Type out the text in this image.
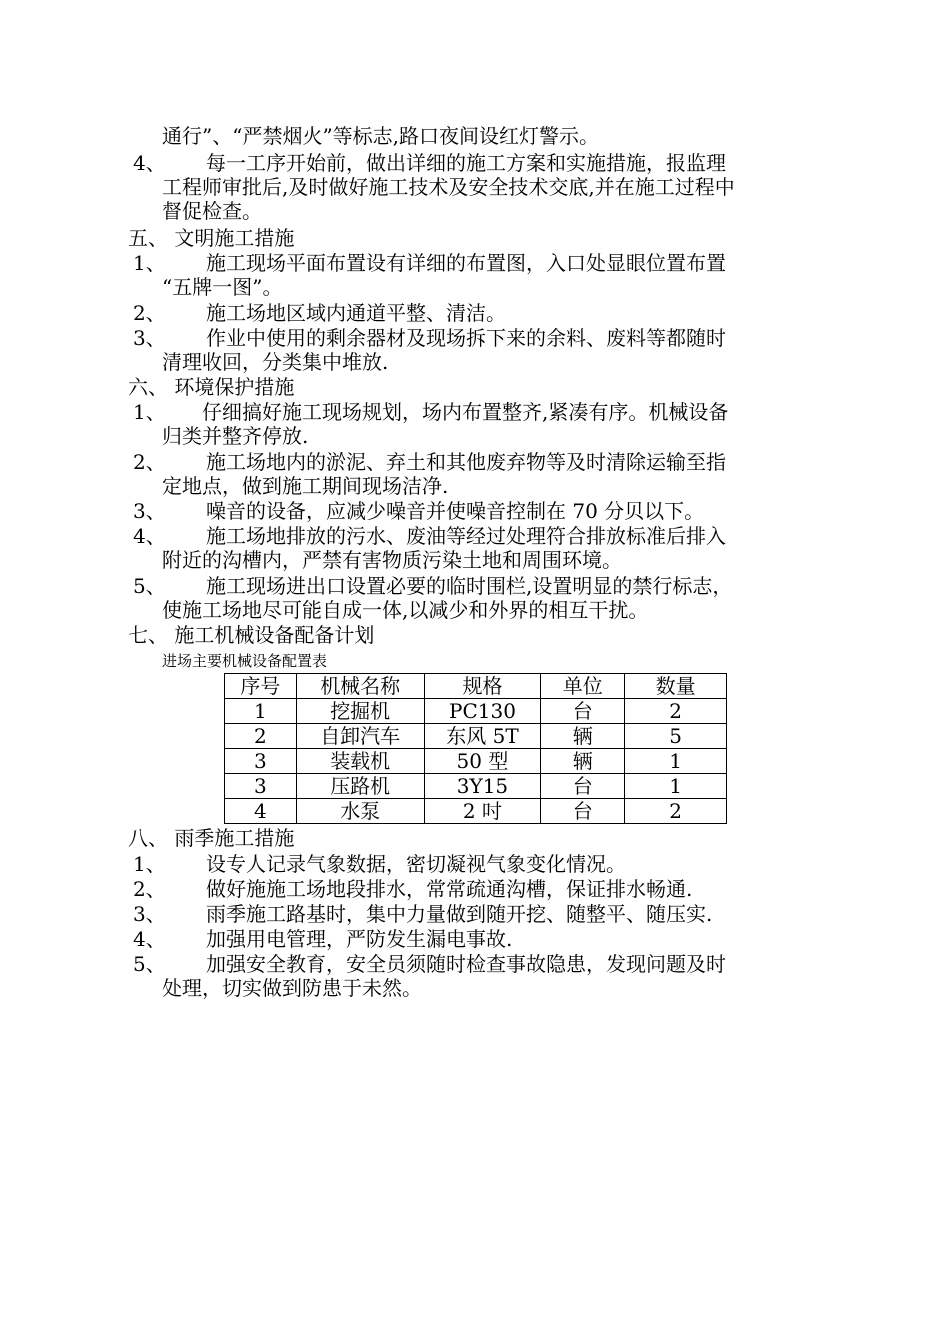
通行”、“严禁烟火”等标志,路口夜间设红灯警示。
4、 每一工序开始前，做出详细的施工方案和实施措施，报监理
工程师审批后,及时做好施工技术及安全技术交底,并在施工过程中
督促检查。
五、 文明施工措施
1、 施工现场平面布置设有详细的布置图，入口处显眼位置布置
“五牌一图”。
2、 施工场地区域内通道平整、清洁。
3、 作业中使用的剩余器材及现场拆下来的余料、废料等都随时
清理收回，分类集中堆放.
六、 环境保护措施
1、 仔细搞好施工现场规划，场内布置整齐,紧凑有序。机械设备
归类并整齐停放.
2、 施工场地内的淤泥、弃土和其他废弃物等及时清除运输至指
定地点，做到施工期间现场洁净.
3、 噪音的设备，应减少噪音并使噪音控制在 70 分贝以下。
4、 施工场地排放的污水、废油等经过处理符合排放标准后排入
附近的沟槽内，严禁有害物质污染土地和周围环境。
5、 施工现场进出口设置必要的临时围栏,设置明显的禁行标志，
使施工场地尽可能自成一体,以减少和外界的相互干扰。
七、 施工机械设备配备计划
进场主要机械设备配置表
序号	机械名称	规格	单位	数量
1	挖掘机	PC130	台	2
2	自卸汽车	东风 5T	辆	5
3	装载机	50 型	辆	1
3	压路机	3Y15	台	1
4	水泵	2 吋	台	2
八、 雨季施工措施
1、 设专人记录气象数据，密切凝视气象变化情况。
2、 做好施施工场地段排水，常常疏通沟槽，保证排水畅通.
3、 雨季施工路基时，集中力量做到随开挖、随整平、随压实.
4、 加强用电管理，严防发生漏电事故.
5、 加强安全教育，安全员须随时检查事故隐患，发现问题及时
处理，切实做到防患于未然。
